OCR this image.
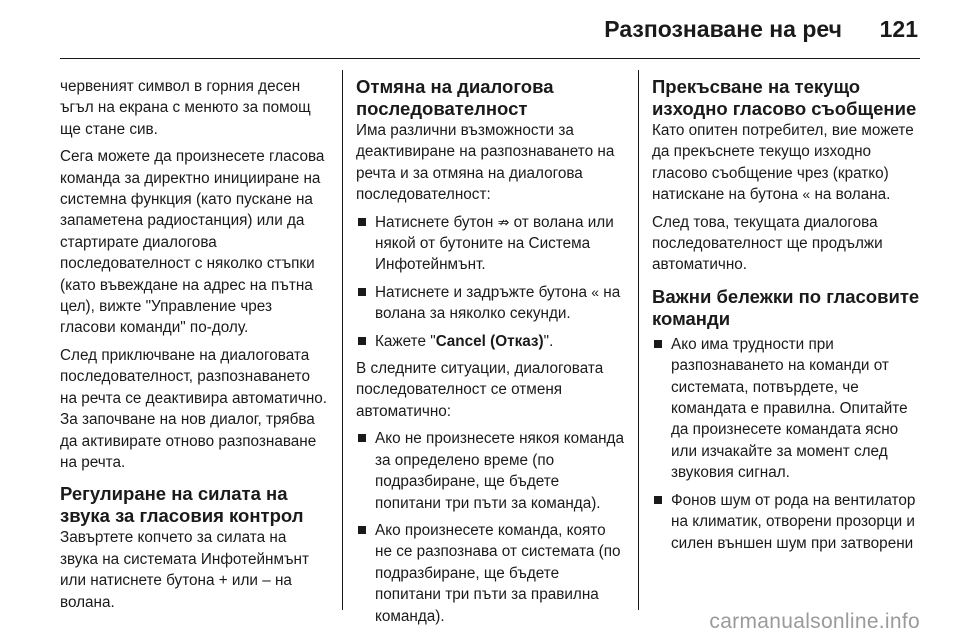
Разпознаване на реч 121

червеният символ в горния десен ъгъл на екрана с менюто за помощ ще стане сив.

Сега можете да произнесете гласова команда за директно иницииране на системна функция (като пускане на запаметена радиостанция) или да стартирате диалогова последователност с няколко стъпки (като въвеждане на адрес на пътна цел), вижте "Управление чрез гласови команди" по-долу.

След приключване на диалоговата последователност, разпознаването на речта се деактивира автоматично. За започване на нов диалог, трябва да активирате отново разпознаване на речта.

Регулиране на силата на звука за гласовия контрол

Завъртете копчето за силата на звука на системата Инфотейнмънт или натиснете бутона + или – на волана.

Отмяна на диалогова последователност

Има различни възможности за деактивиране на разпознаването на речта и за отмяна на диалогова последователност:

Натиснете бутон ⇏ от волана или някой от бутоните на Система Инфотейнмънт.
Натиснете и задръжте бутона « на волана за няколко секунди.
Кажете "Cancel (Отказ)".

В следните ситуации, диалоговата последователност се отменя автоматично:

Ако не произнесете някоя команда за определено време (по подразбиране, ще бъдете попитани три пъти за команда).
Ако произнесете команда, която не се разпознава от системата (по подразбиране, ще бъдете попитани три пъти за правилна команда).
Прекъсване на текущо изходно гласово съобщение

Като опитен потребител, вие можете да прекъснете текущо изходно гласово съобщение чрез (кратко) натискане на бутона « на волана.

След това, текущата диалогова последователност ще продължи автоматично.

Важни бележки по гласовите команди
Ако има трудности при разпознаването на команди от системата, потвърдете, че командата е правилна. Опитайте да произнесете командата ясно или изчакайте за момент след звуковия сигнал.
Фонов шум от рода на вентилатор на климатик, отворени прозорци и силен външен шум при затворени
carmanualsonline.info
